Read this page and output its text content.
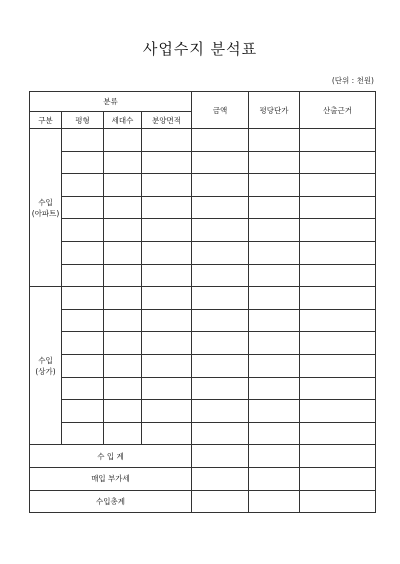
사업수지 분석표
(단위 : 천원)
분류				금액	평당단가	산출근거
구분	평형	세대수	분양면적			

수입
(아파트)						

수입
(상가)						

수 입 계						
매입 부가세						
수입총계						
